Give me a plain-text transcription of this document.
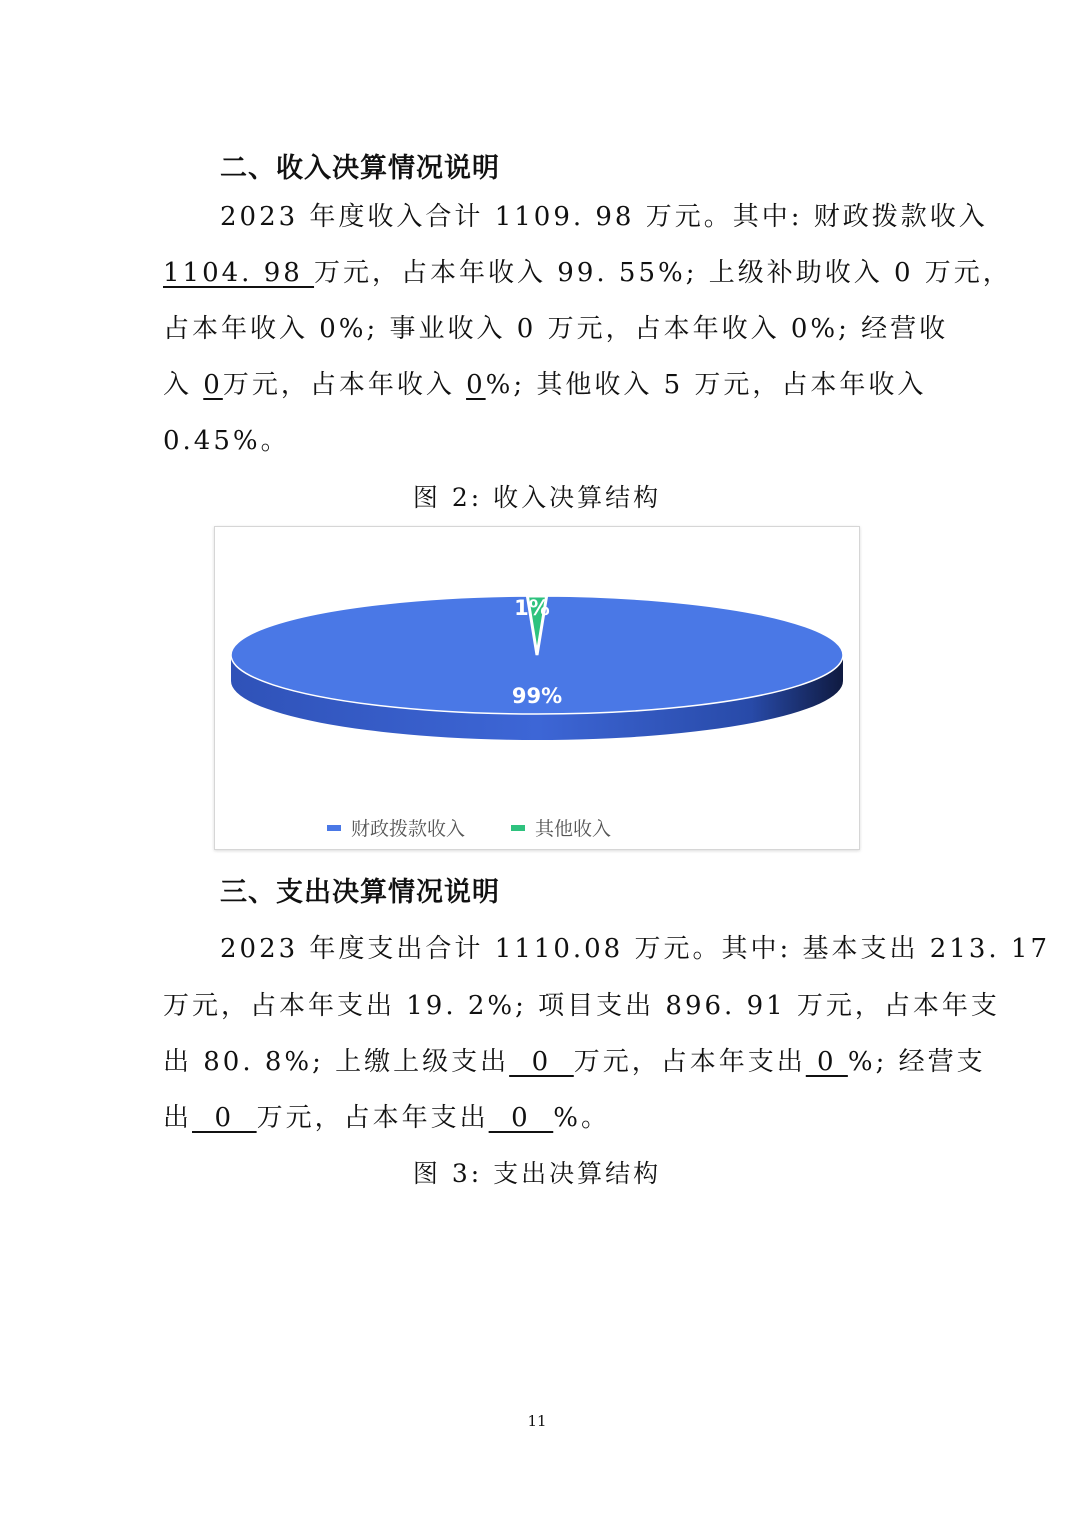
二、收入决算情况说明
2023 年度收入合计 1109. 98 万元。其中: 财政拨款收入
1104. 98 万元，占本年收入 99. 55%; 上级补助收入 0 万元，
占本年收入 0%; 事业收入 0 万元，占本年收入 0%; 经营收
入 0万元，占本年收入 0%; 其他收入 5 万元，占本年收入
0.45%。
图 2: 收入决算结构
99%
1%
财政拨款收入	其他收入
三、支出决算情况说明
2023 年度支出合计 1110.08 万元。其中: 基本支出 213. 17
万元，占本年支出 19. 2%; 项目支出 896. 91 万元，占本年支
出 80. 8%; 上缴上级支出  0  万元，占本年支出 0 %; 经营支
出  0  万元，占本年支出  0  %。
图 3: 支出决算结构
11
